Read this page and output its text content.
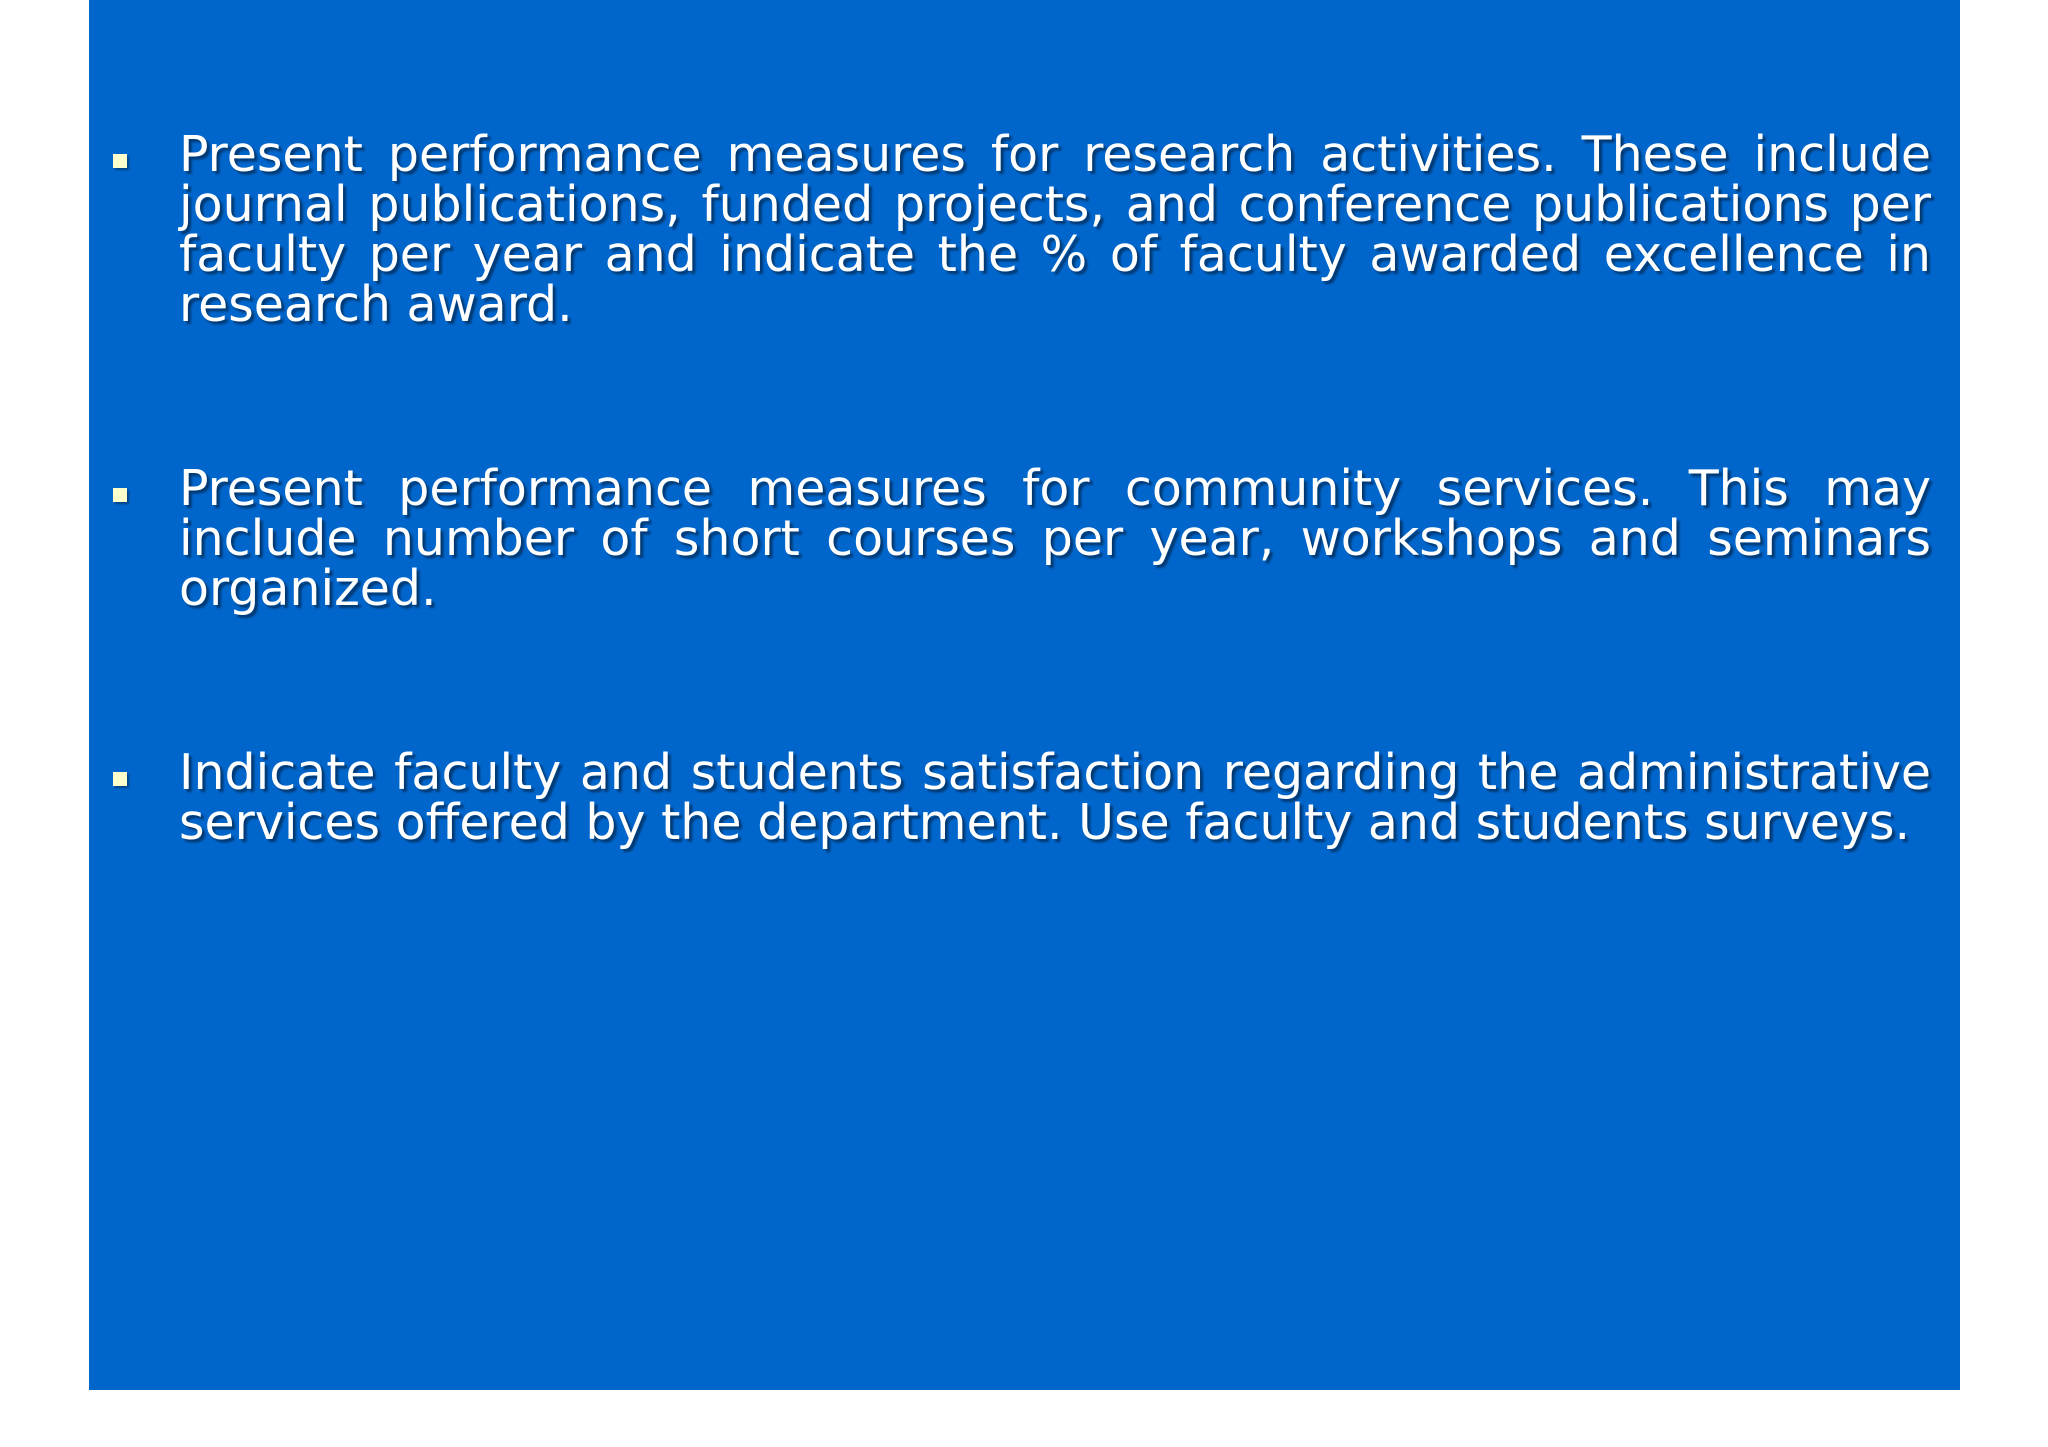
Present performance measures for research activities. These include journal publications, funded projects, and conference publications per faculty per year and indicate the % of faculty awarded excellence in research award.

Present performance measures for community services. This may include number of short courses per year, workshops and seminars organized.

Indicate faculty and students satisfaction regarding the administrative services offered by the department. Use faculty and students surveys.
